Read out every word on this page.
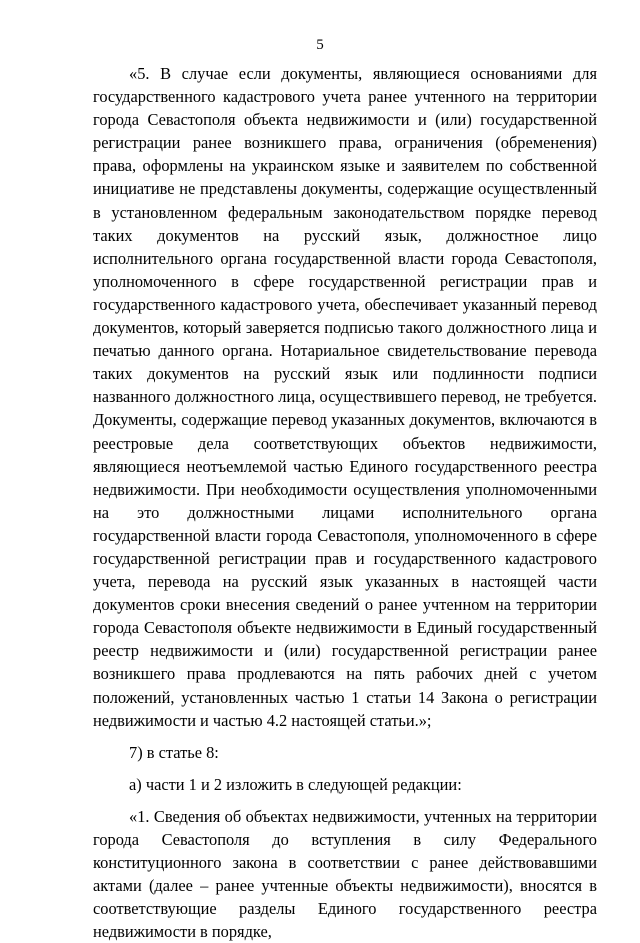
5

«5. В случае если документы, являющиеся основаниями для государственного кадастрового учета ранее учтенного на территории города Севастополя объекта недвижимости и (или) государственной регистрации ранее возникшего права, ограничения (обременения) права, оформлены на украинском языке и заявителем по собственной инициативе не представлены документы, содержащие осуществленный в установленном федеральным законодательством порядке перевод таких документов на русский язык, должностное лицо исполнительного органа государственной власти города Севастополя, уполномоченного в сфере государственной регистрации прав и государственного кадастрового учета, обеспечивает указанный перевод документов, который заверяется подписью такого должностного лица и печатью данного органа. Нотариальное свидетельствование перевода таких документов на русский язык или подлинности подписи названного должностного лица, осуществившего перевод, не требуется. Документы, содержащие перевод указанных документов, включаются в реестровые дела соответствующих объектов недвижимости, являющиеся неотъемлемой частью Единого государственного реестра недвижимости. При необходимости осуществления уполномоченными на это должностными лицами исполнительного органа государственной власти города Севастополя, уполномоченного в сфере государственной регистрации прав и государственного кадастрового учета, перевода на русский язык указанных в настоящей части документов сроки внесения сведений о ранее учтенном на территории города Севастополя объекте недвижимости в Единый государственный реестр недвижимости и (или) государственной регистрации ранее возникшего права продлеваются на пять рабочих дней с учетом положений, установленных частью 1 статьи 14 Закона о регистрации недвижимости и частью 4.2 настоящей статьи.»;

7) в статье 8:

а) части 1 и 2 изложить в следующей редакции:

«1. Сведения об объектах недвижимости, учтенных на территории города Севастополя до вступления в силу Федерального конституционного закона в соответствии с ранее действовавшими актами (далее – ранее учтенные объекты недвижимости), вносятся в соответствующие разделы Единого государственного реестра недвижимости в порядке,
